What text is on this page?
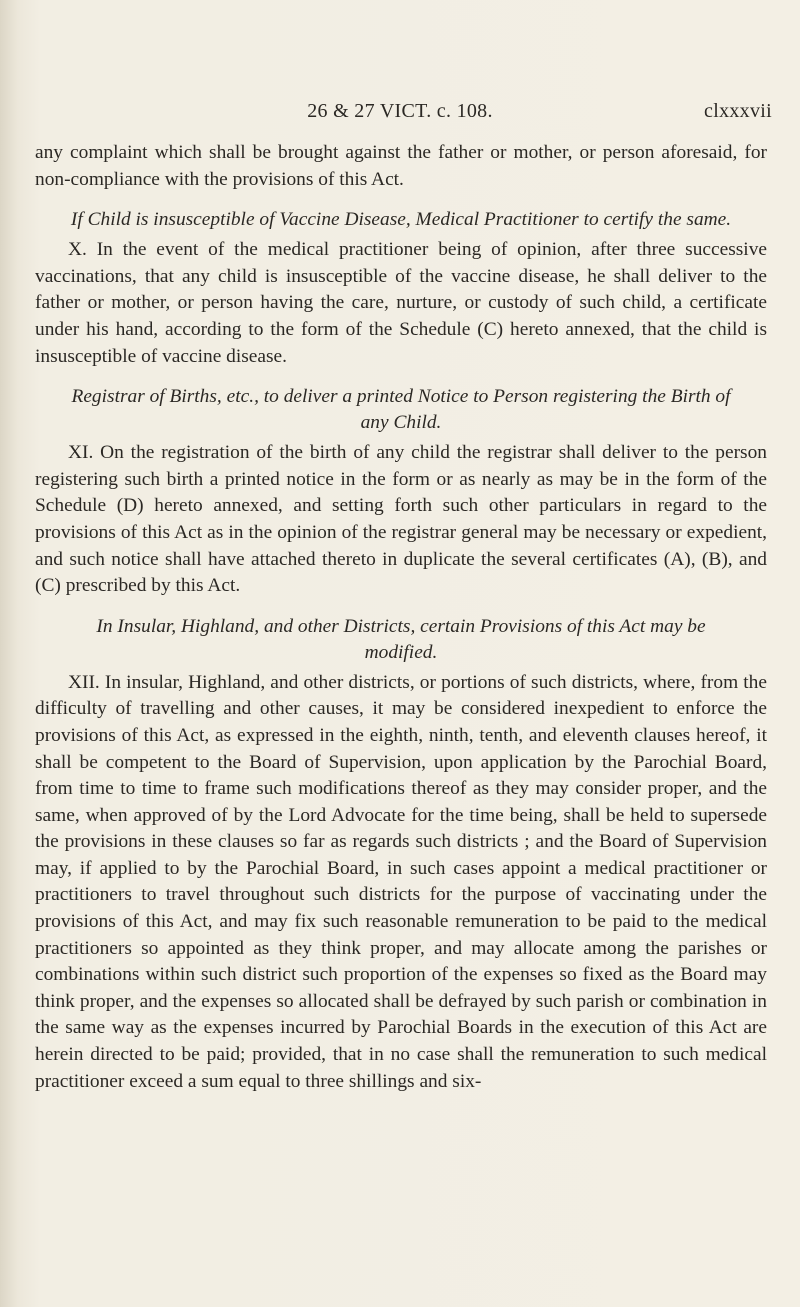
26 & 27 VICT. c. 108.	clxxxvii

any complaint which shall be brought against the father or mother, or person aforesaid, for non-compliance with the provisions of this Act.

If Child is insusceptible of Vaccine Disease, Medical Practitioner to certify the same.

X. In the event of the medical practitioner being of opinion, after three successive vaccinations, that any child is insusceptible of the vaccine disease, he shall deliver to the father or mother, or person having the care, nurture, or custody of such child, a certificate under his hand, according to the form of the Schedule (C) hereto annexed, that the child is insusceptible of vaccine disease.

Registrar of Births, etc., to deliver a printed Notice to Person registering the Birth of any Child.

XI. On the registration of the birth of any child the registrar shall deliver to the person registering such birth a printed notice in the form or as nearly as may be in the form of the Schedule (D) hereto annexed, and setting forth such other particulars in regard to the provisions of this Act as in the opinion of the registrar general may be necessary or expedient, and such notice shall have attached thereto in duplicate the several certificates (A), (B), and (C) prescribed by this Act.

In Insular, Highland, and other Districts, certain Provisions of this Act may be modified.

XII. In insular, Highland, and other districts, or portions of such districts, where, from the difficulty of travelling and other causes, it may be considered inexpedient to enforce the provisions of this Act, as expressed in the eighth, ninth, tenth, and eleventh clauses hereof, it shall be competent to the Board of Supervision, upon application by the Parochial Board, from time to time to frame such modifications thereof as they may consider proper, and the same, when approved of by the Lord Advocate for the time being, shall be held to supersede the provisions in these clauses so far as regards such districts ; and the Board of Supervision may, if applied to by the Parochial Board, in such cases appoint a medical practitioner or practitioners to travel throughout such districts for the purpose of vaccinating under the provisions of this Act, and may fix such reasonable remuneration to be paid to the medical practitioners so appointed as they think proper, and may allocate among the parishes or combinations within such district such proportion of the expenses so fixed as the Board may think proper, and the expenses so allocated shall be defrayed by such parish or combination in the same way as the expenses incurred by Parochial Boards in the execution of this Act are herein directed to be paid; provided, that in no case shall the remuneration to such medical practitioner exceed a sum equal to three shillings and six-
